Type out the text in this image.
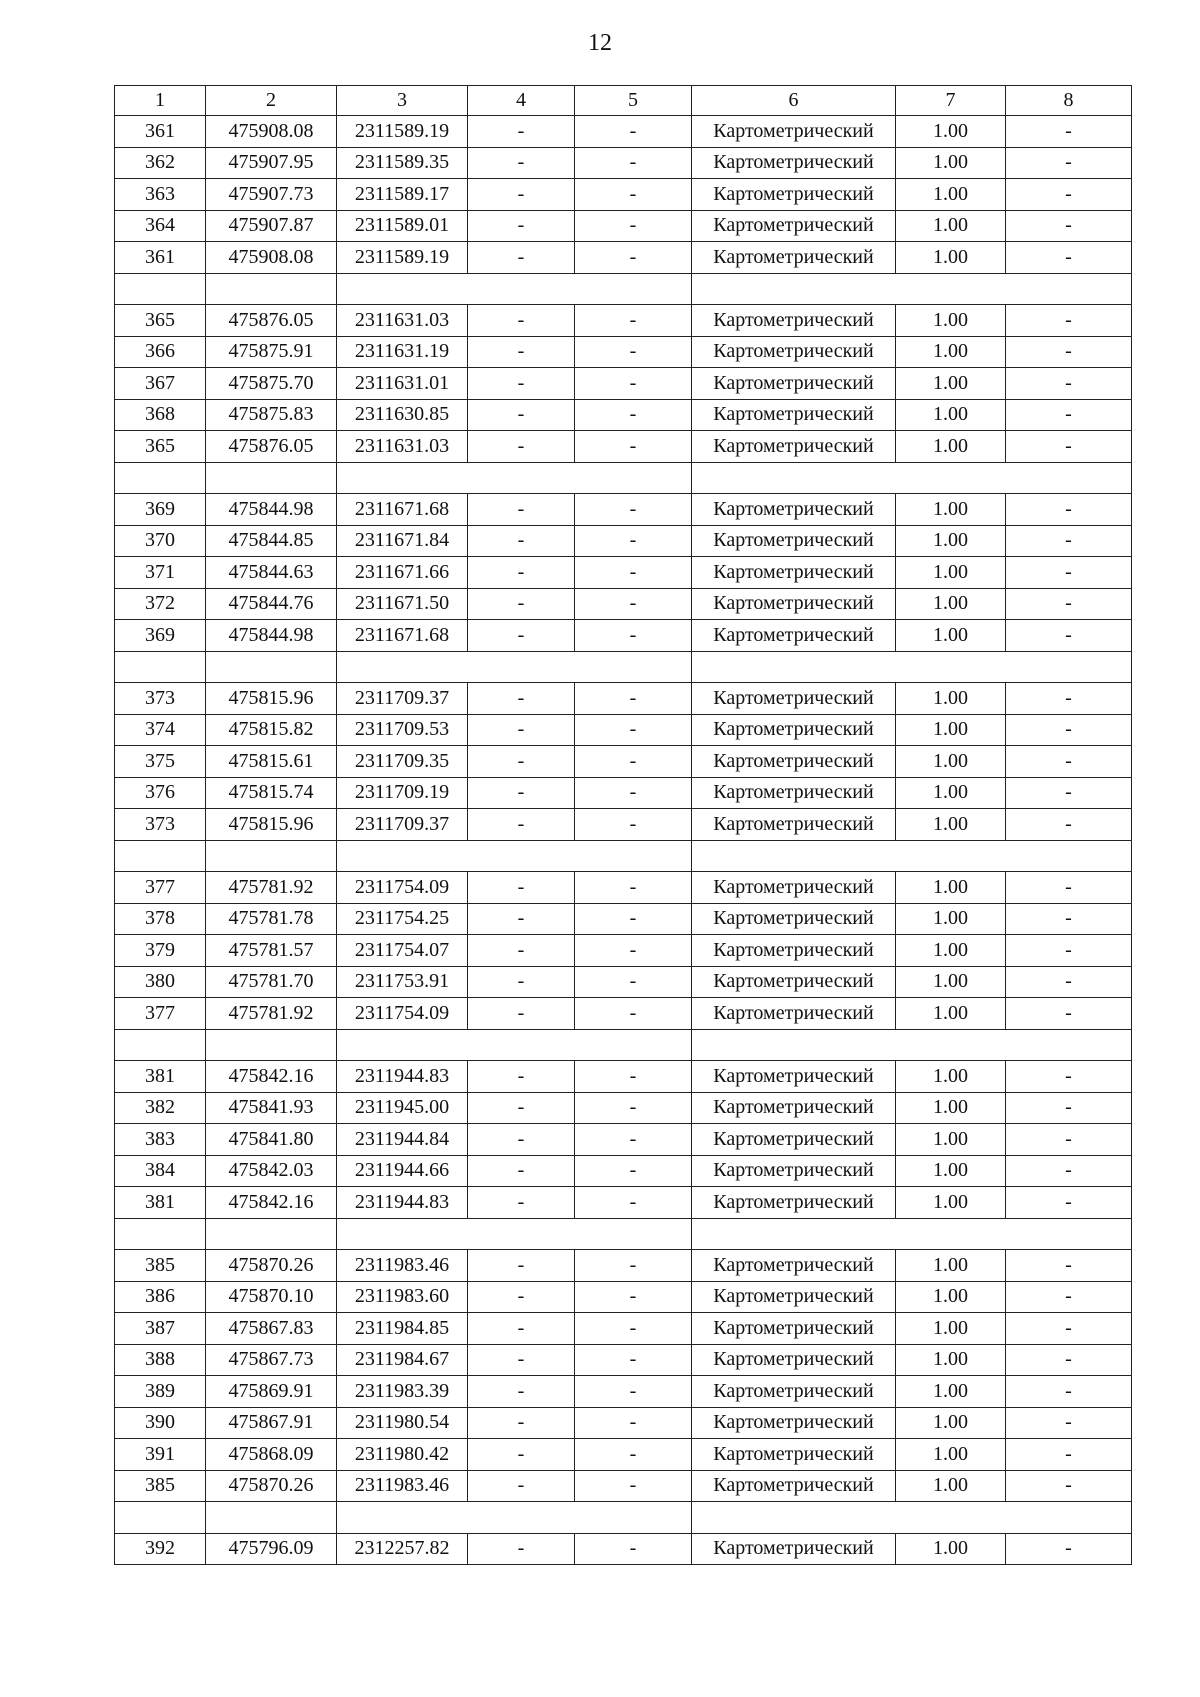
12
1	2	3	4	5	6	7	8
361	475908.08	2311589.19	-	-	Картометрический	1.00	-
362	475907.95	2311589.35	-	-	Картометрический	1.00	-
363	475907.73	2311589.17	-	-	Картометрический	1.00	-
364	475907.87	2311589.01	-	-	Картометрический	1.00	-
361	475908.08	2311589.19	-	-	Картометрический	1.00	-

365	475876.05	2311631.03	-	-	Картометрический	1.00	-
366	475875.91	2311631.19	-	-	Картометрический	1.00	-
367	475875.70	2311631.01	-	-	Картометрический	1.00	-
368	475875.83	2311630.85	-	-	Картометрический	1.00	-
365	475876.05	2311631.03	-	-	Картометрический	1.00	-

369	475844.98	2311671.68	-	-	Картометрический	1.00	-
370	475844.85	2311671.84	-	-	Картометрический	1.00	-
371	475844.63	2311671.66	-	-	Картометрический	1.00	-
372	475844.76	2311671.50	-	-	Картометрический	1.00	-
369	475844.98	2311671.68	-	-	Картометрический	1.00	-

373	475815.96	2311709.37	-	-	Картометрический	1.00	-
374	475815.82	2311709.53	-	-	Картометрический	1.00	-
375	475815.61	2311709.35	-	-	Картометрический	1.00	-
376	475815.74	2311709.19	-	-	Картометрический	1.00	-
373	475815.96	2311709.37	-	-	Картометрический	1.00	-

377	475781.92	2311754.09	-	-	Картометрический	1.00	-
378	475781.78	2311754.25	-	-	Картометрический	1.00	-
379	475781.57	2311754.07	-	-	Картометрический	1.00	-
380	475781.70	2311753.91	-	-	Картометрический	1.00	-
377	475781.92	2311754.09	-	-	Картометрический	1.00	-

381	475842.16	2311944.83	-	-	Картометрический	1.00	-
382	475841.93	2311945.00	-	-	Картометрический	1.00	-
383	475841.80	2311944.84	-	-	Картометрический	1.00	-
384	475842.03	2311944.66	-	-	Картометрический	1.00	-
381	475842.16	2311944.83	-	-	Картометрический	1.00	-

385	475870.26	2311983.46	-	-	Картометрический	1.00	-
386	475870.10	2311983.60	-	-	Картометрический	1.00	-
387	475867.83	2311984.85	-	-	Картометрический	1.00	-
388	475867.73	2311984.67	-	-	Картометрический	1.00	-
389	475869.91	2311983.39	-	-	Картометрический	1.00	-
390	475867.91	2311980.54	-	-	Картометрический	1.00	-
391	475868.09	2311980.42	-	-	Картометрический	1.00	-
385	475870.26	2311983.46	-	-	Картометрический	1.00	-

392	475796.09	2312257.82	-	-	Картометрический	1.00	-
